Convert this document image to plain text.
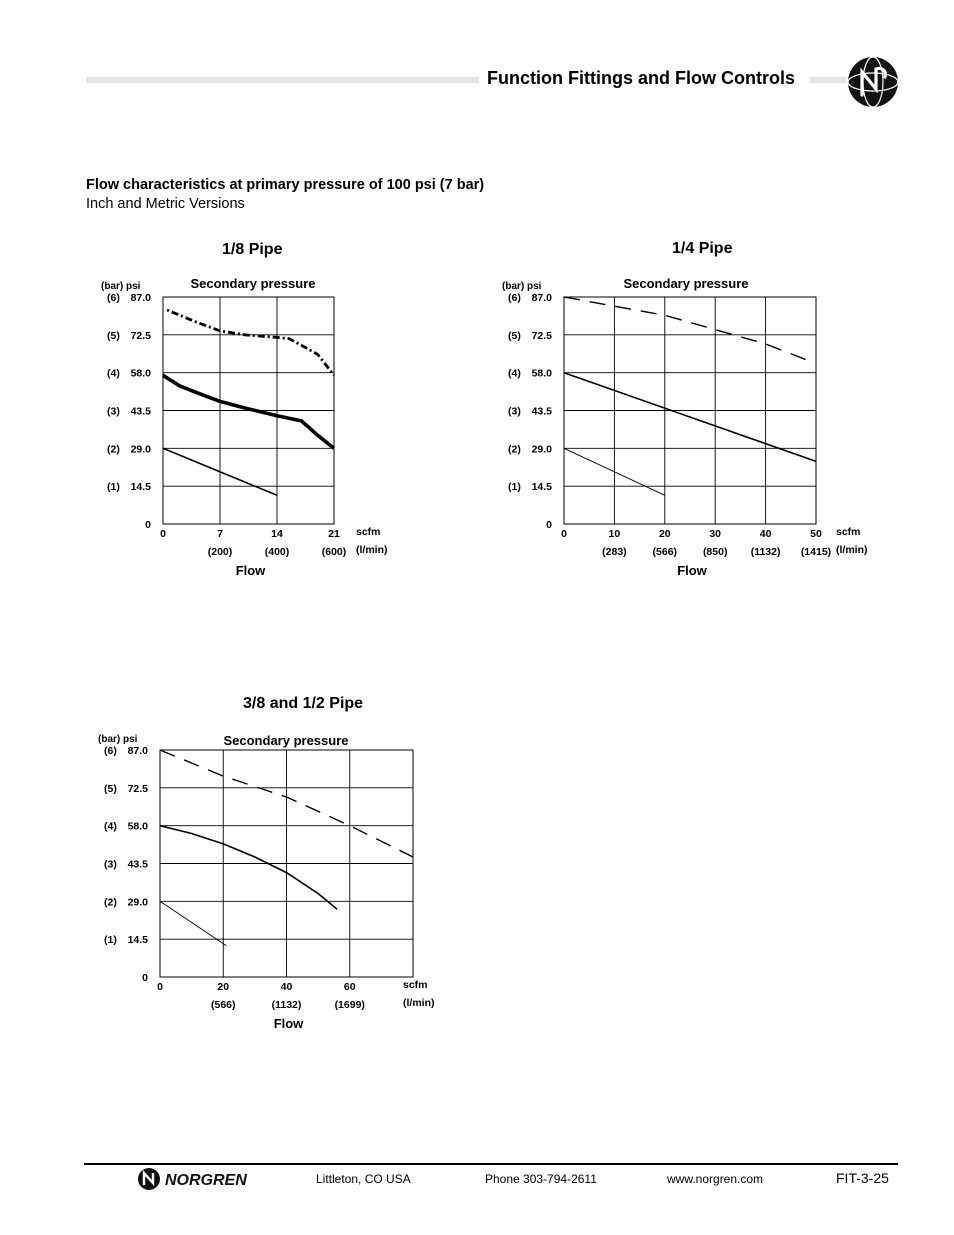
Function Fittings and Flow Controls
Flow characteristics at primary pressure of 100 psi (7 bar)
Inch and Metric Versions
1/8 Pipe	1/4 Pipe
3/8 and 1/2 Pipe
Secondary pressure
0
14.5
(1)
29.0
(2)
43.5
(3)
58.0
(4)
72.5
(5)
87.0
(6)
(bar) psi
0	7
(200)
14
(400)
21
(600)
scfm
(l/min)
Flow
Secondary pressure
0
14.5
(1)
29.0
(2)
43.5
(3)
58.0
(4)
72.5
(5)
87.0
(6)
(bar) psi
0	10
(283)
20
(566)
30
(850)
40
(1132)
50
(1415)
scfm
(l/min)
Flow
Secondary pressure
0
14.5
(1)
29.0
(2)
43.5
(3)
58.0
(4)
72.5
(5)
87.0
(6)
(bar) psi
0	20
(566)
40
(1132)
60
(1699)
scfm
(l/min)
Flow
NORGREN	Littleton, CO USA	Phone 303-794-2611	www.norgren.com	FIT-3-25
